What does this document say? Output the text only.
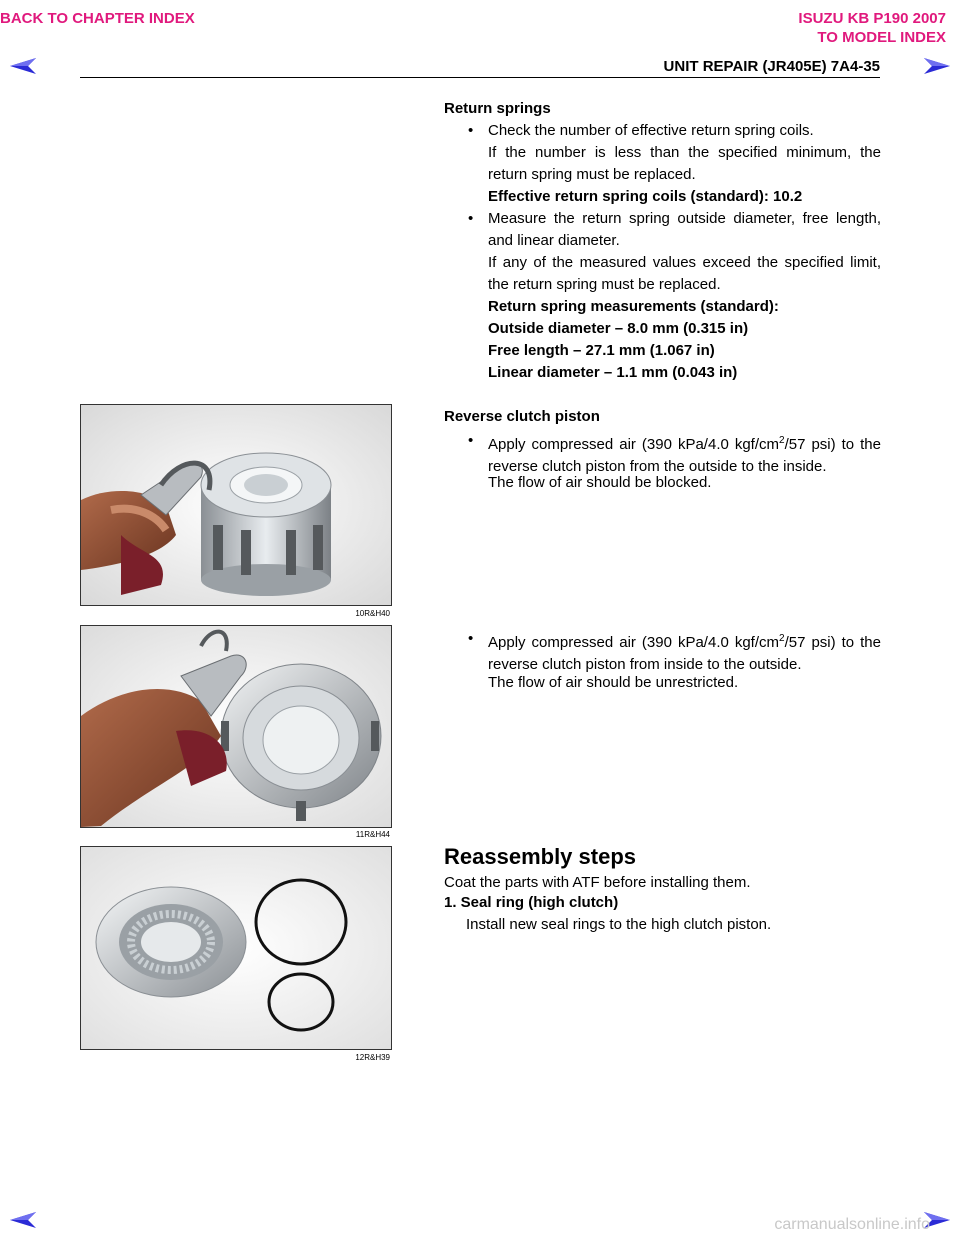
BACK TO CHAPTER INDEX	ISUZU KB P190 2007
TO MODEL INDEX
UNIT REPAIR (JR405E) 7A4-35
Return springs
• Check the number of effective return spring coils.
If the number is less than the specified minimum, the return spring must be replaced.
Effective return spring coils (standard): 10.2
• Measure the return spring outside diameter, free length, and linear diameter.
If any of the measured values exceed the specified limit, the return spring must be replaced.
Return spring measurements (standard):
Outside diameter – 8.0 mm (0.315 in)
Free length – 27.1 mm (1.067 in)
Linear diameter – 1.1 mm (0.043 in)
10R&H40
Reverse clutch piston
• Apply compressed air (390 kPa/4.0 kgf/$cm^2/57$ psi) to the reverse clutch piston from the outside to the inside.
The flow of air should be blocked.
11R&H44
• Apply compressed air (390 kPa/4.0 kgf/$cm^2/57$ psi) to the reverse clutch piston from inside to the outside.
The flow of air should be unrestricted.
12R&H39
Reassembly steps
Coat the parts with ATF before installing them.
1. Seal ring (high clutch)
Install new seal rings to the high clutch piston.
carmanualsonline.info
